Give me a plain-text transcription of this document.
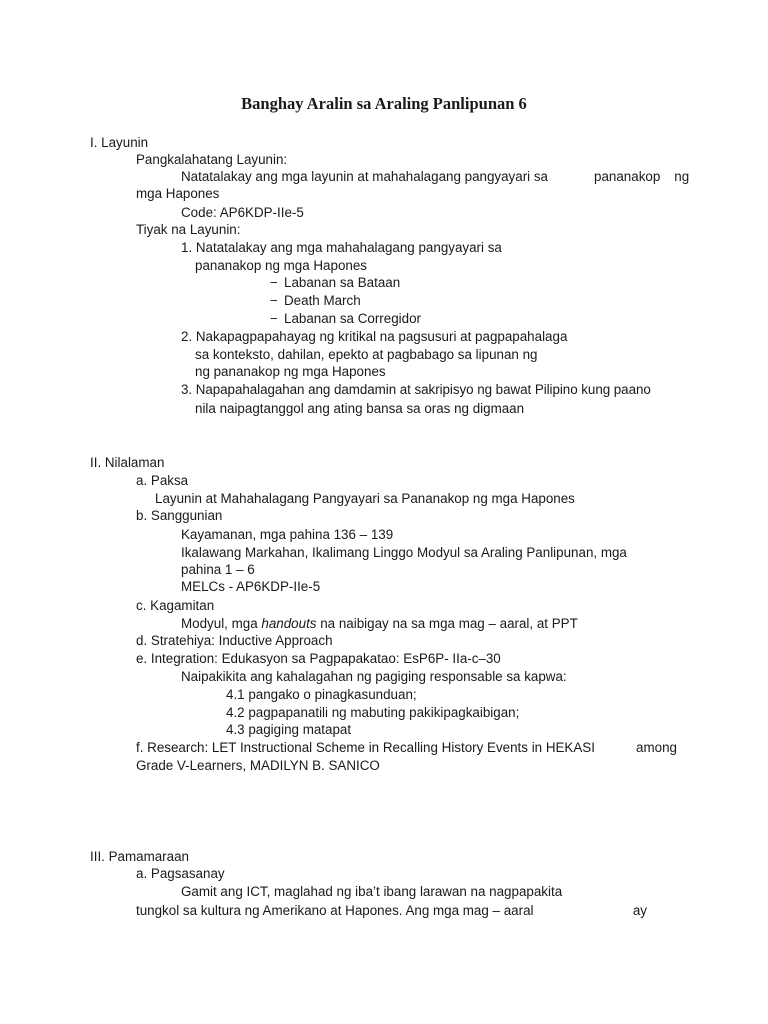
Banghay Aralin sa Araling Panlipunan 6
I. Layunin
Pangkalahatang Layunin:
Natatalakay ang mga layunin at mahahalagang pangyayari sa	pananakop ng
mga Hapones
Code: AP6KDP-IIe-5
Tiyak na Layunin:
1. Natatalakay ang mga mahahalagang pangyayari sa
pananakop ng mga Hapones
− Labanan sa Bataan
− Death March
− Labanan sa Corregidor
2. Nakapagpapahayag ng kritikal na pagsusuri at pagpapahalaga
sa konteksto, dahilan, epekto at pagbabago sa lipunan ng
ng pananakop ng mga Hapones
3. Napapahalagahan ang damdamin at sakripisyo ng bawat Pilipino kung paano
nila naipagtanggol ang ating bansa sa oras ng digmaan
II. Nilalaman
a. Paksa
Layunin at Mahahalagang Pangyayari sa Pananakop ng mga Hapones
b. Sanggunian
Kayamanan, mga pahina 136 – 139
Ikalawang Markahan, Ikalimang Linggo Modyul sa Araling Panlipunan, mga
pahina 1 – 6
MELCs - AP6KDP-IIe-5
c. Kagamitan
Modyul, mga handouts na naibigay na sa mga mag – aaral, at PPT
d. Stratehiya: Inductive Approach
e. Integration: Edukasyon sa Pagpapakatao: EsP6P- IIa-c–30
Naipakikita ang kahalagahan ng pagiging responsable sa kapwa:
4.1 pangako o pinagkasunduan;
4.2 pagpapanatili ng mabuting pakikipagkaibigan;
4.3 pagiging matapat
f. Research: LET Instructional Scheme in Recalling History Events in HEKASI	among
Grade V-Learners, MADILYN B. SANICO
III. Pamamaraan
a. Pagsasanay
Gamit ang ICT, maglahad ng iba’t ibang larawan na nagpapakita
tungkol sa kultura ng Amerikano at Hapones. Ang mga mag – aaral	ay
